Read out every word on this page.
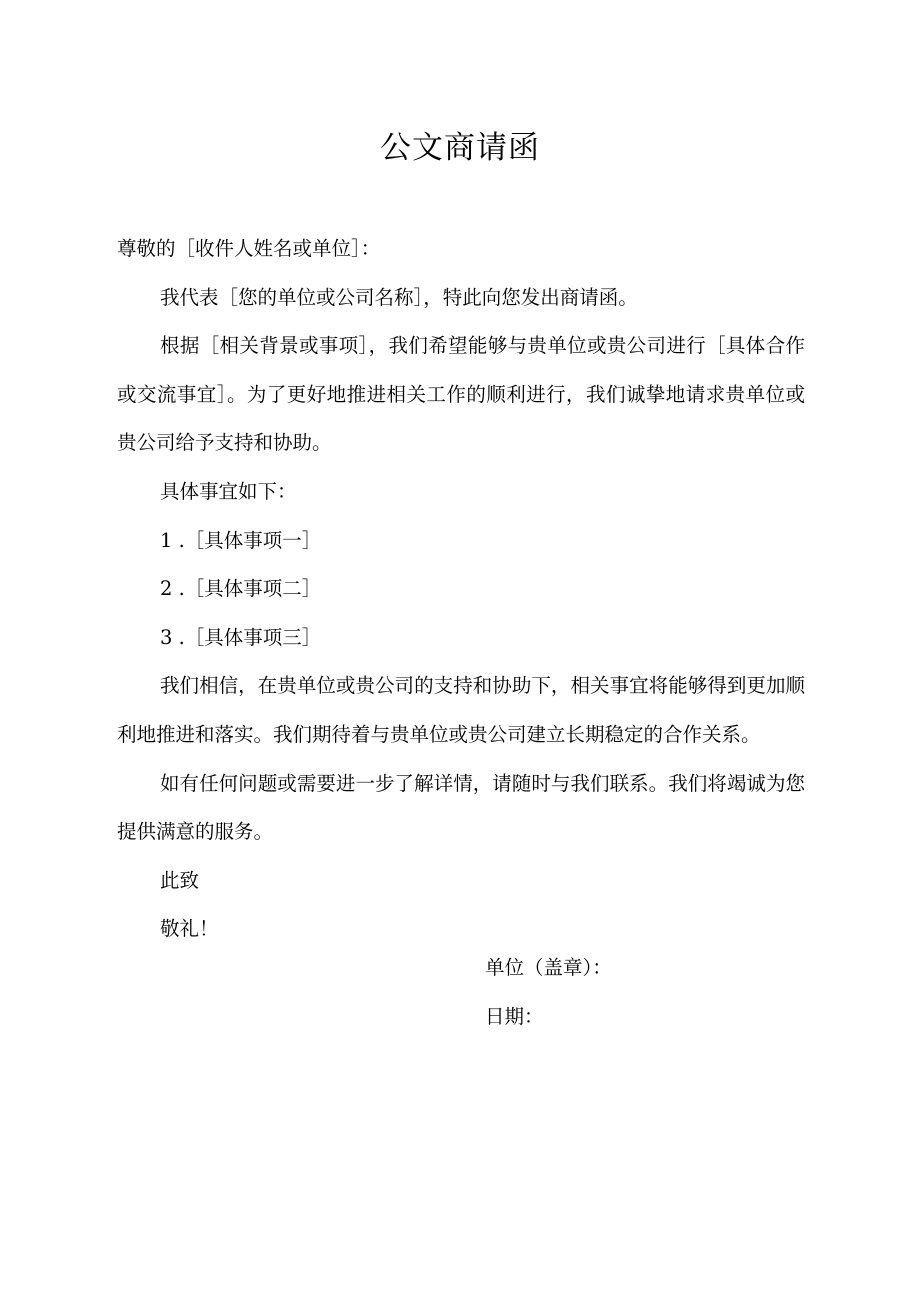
公文商请函

尊敬的［收件人姓名或单位］：

我代表［您的单位或公司名称］，特此向您发出商请函。

根据［相关背景或事项］，我们希望能够与贵单位或贵公司进行［具体合作或交流事宜］。为了更好地推进相关工作的顺利进行，我们诚挚地请求贵单位或贵公司给予支持和协助。

具体事宜如下：

1 .［具体事项一］

2 .［具体事项二］

3 .［具体事项三］

我们相信，在贵单位或贵公司的支持和协助下，相关事宜将能够得到更加顺利地推进和落实。我们期待着与贵单位或贵公司建立长期稳定的合作关系。

如有任何问题或需要进一步了解详情，请随时与我们联系。我们将竭诚为您提供满意的服务。

此致

敬礼！

单位（盖章）：
日期：
